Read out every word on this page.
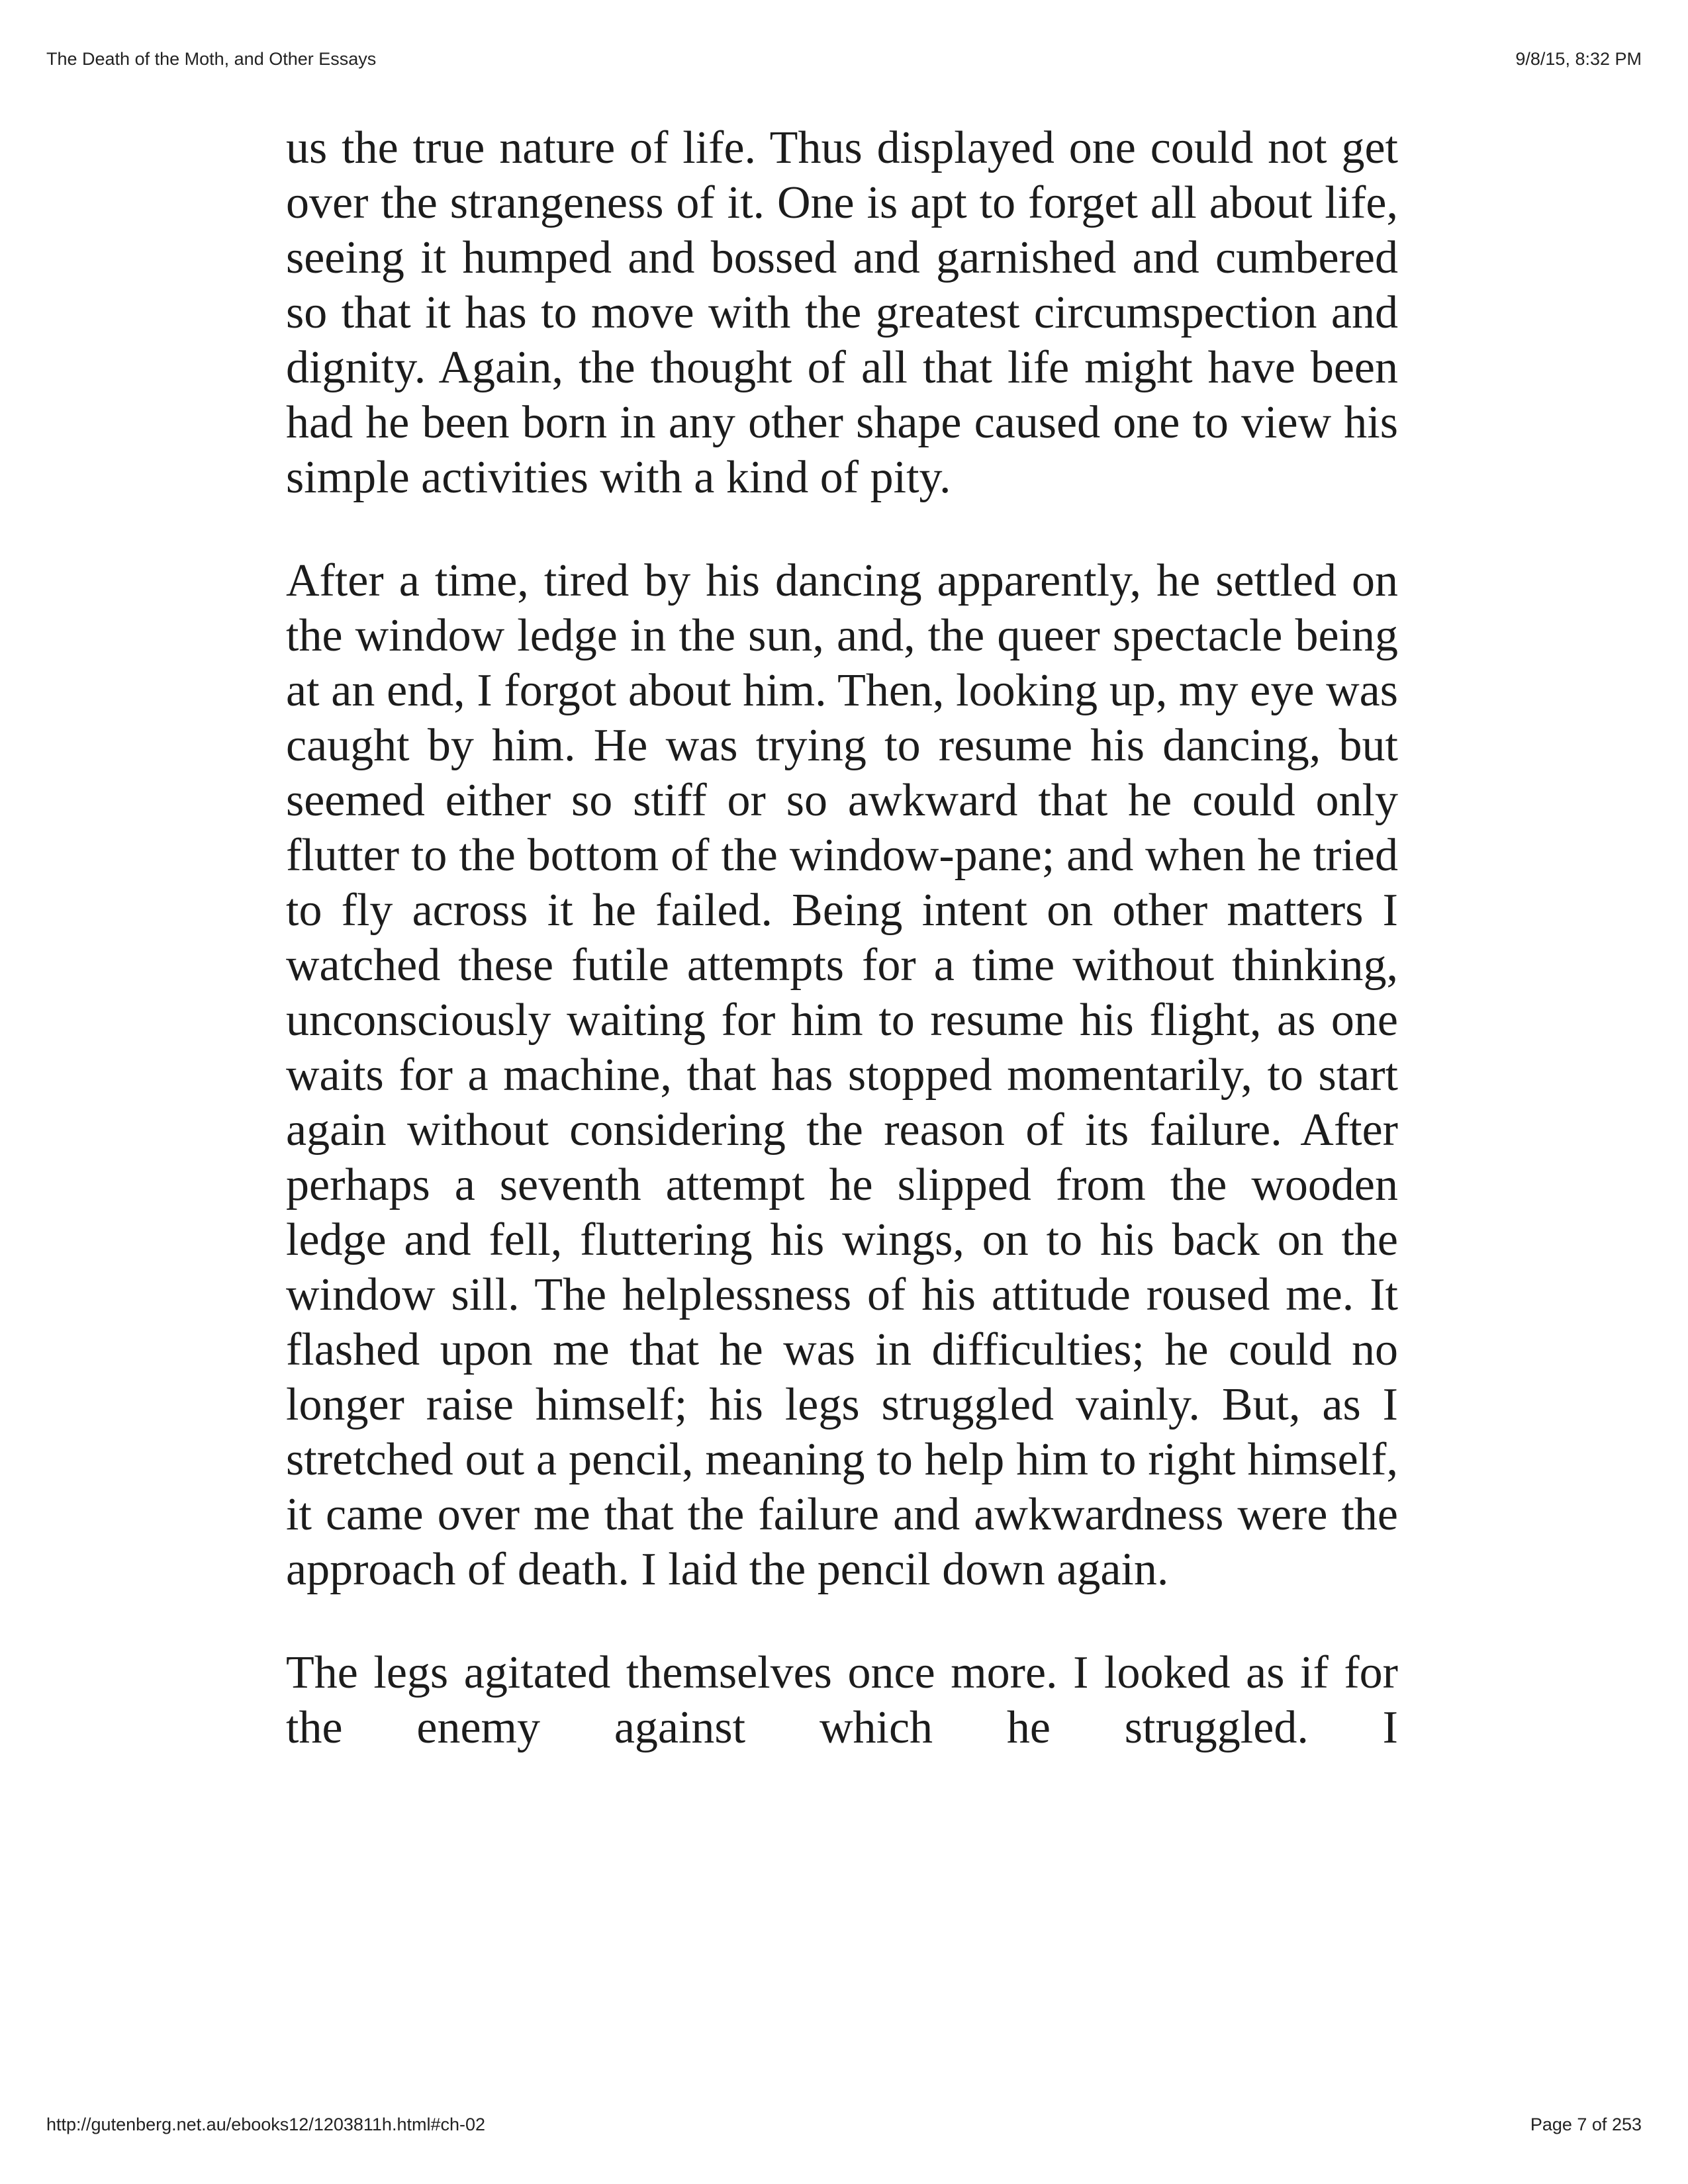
The Death of the Moth, and Other Essays	9/8/15, 8:32 PM

us the true nature of life. Thus displayed one could not get over the strangeness of it. One is apt to forget all about life, seeing it humped and bossed and garnished and cumbered so that it has to move with the greatest circumspection and dignity. Again, the thought of all that life might have been had he been born in any other shape caused one to view his simple activities with a kind of pity.

After a time, tired by his dancing apparently, he settled on the window ledge in the sun, and, the queer spectacle being at an end, I forgot about him. Then, looking up, my eye was caught by him. He was trying to resume his dancing, but seemed either so stiff or so awkward that he could only flutter to the bottom of the window-pane; and when he tried to fly across it he failed. Being intent on other matters I watched these futile attempts for a time without thinking, unconsciously waiting for him to resume his flight, as one waits for a machine, that has stopped momentarily, to start again without considering the reason of its failure. After perhaps a seventh attempt he slipped from the wooden ledge and fell, fluttering his wings, on to his back on the window sill. The helplessness of his attitude roused me. It flashed upon me that he was in difficulties; he could no longer raise himself; his legs struggled vainly. But, as I stretched out a pencil, meaning to help him to right himself, it came over me that the failure and awkwardness were the approach of death. I laid the pencil down again.

The legs agitated themselves once more. I looked as if for the enemy against which he struggled. I

http://gutenberg.net.au/ebooks12/1203811h.html#ch-02	Page 7 of 253
